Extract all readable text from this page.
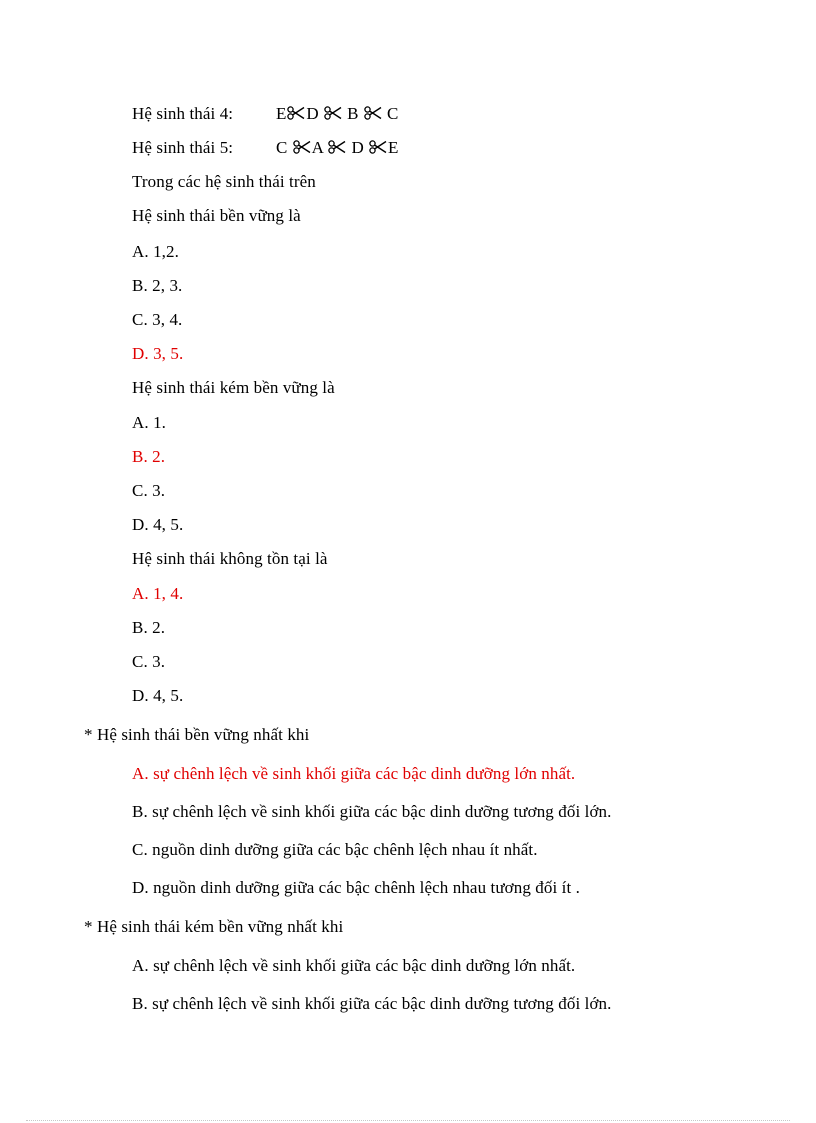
Hệ sinh thái 4:	E D B C
Hệ sinh thái 5:	C A D E
Trong các hệ sinh thái trên
Hệ sinh thái bền vững là
A. 1,2.
B. 2, 3.
C. 3, 4.
D. 3, 5.
Hệ sinh thái kém bền vững là
A. 1.
B. 2.
C. 3.
D. 4, 5.
Hệ sinh thái không tồn tại là
A. 1, 4.
B. 2.
C. 3.
D. 4, 5.
* Hệ sinh thái bền vững nhất khi
A. sự chênh lệch về sinh khối giữa các bậc dinh dưỡng lớn nhất.
B. sự chênh lệch về sinh khối giữa các bậc dinh dưỡng tương đối lớn.
C. nguồn dinh dưỡng giữa các bậc chênh lệch nhau ít nhất.
D. nguồn dinh dưỡng giữa các bậc chênh lệch nhau tương đối ít .
* Hệ sinh thái kém bền vững nhất khi
A. sự chênh lệch về sinh khối giữa các bậc dinh dưỡng lớn nhất.
B. sự chênh lệch về sinh khối giữa các bậc dinh dưỡng tương đối lớn.
